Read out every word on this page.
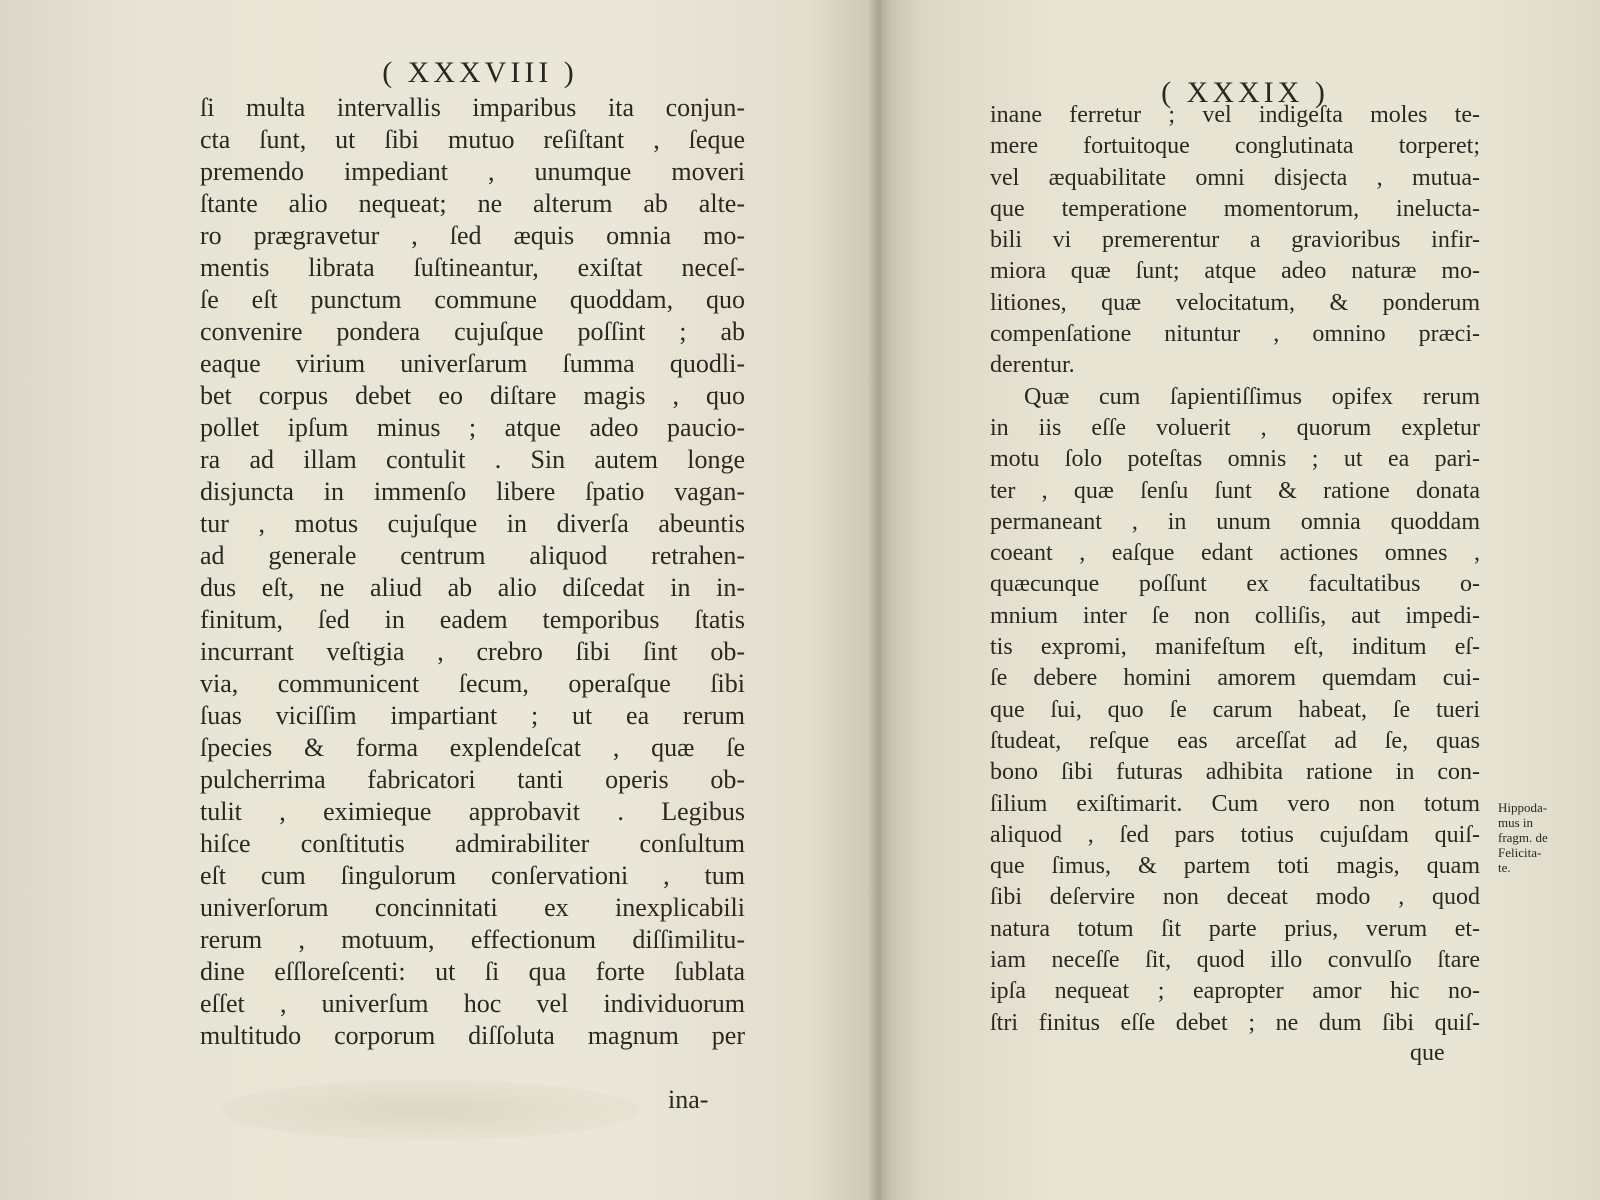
( XXXVIII )
( XXXIX )
ſi multa intervallis imparibus ita conjun-
cta ſunt, ut ſibi mutuo reſiſtant , ſeque
premendo impediant , unumque moveri
ſtante alio nequeat; ne alterum ab alte-
ro prægravetur , ſed æquis omnia mo-
mentis librata ſuſtineantur, exiſtat neceſ-
ſe eſt punctum commune quoddam, quo
convenire pondera cujuſque poſſint ; ab
eaque virium univerſarum ſumma quodli-
bet corpus debet eo diſtare magis , quo
pollet ipſum minus ; atque adeo paucio-
ra ad illam contulit . Sin autem longe
disjuncta in immenſo libere ſpatio vagan-
tur , motus cujuſque in diverſa abeuntis
ad generale centrum aliquod retrahen-
dus eſt, ne aliud ab alio diſcedat in in-
finitum, ſed in eadem temporibus ſtatis
incurrant veſtigia , crebro ſibi ſint ob-
via, communicent ſecum, operaſque ſibi
ſuas viciſſim impartiant ; ut ea rerum
ſpecies & forma explendeſcat , quæ ſe
pulcherrima fabricatori tanti operis ob-
tulit , eximieque approbavit . Legibus
hiſce conſtitutis admirabiliter conſultum
eſt cum ſingulorum conſervationi , tum
univerſorum concinnitati ex inexplicabili
rerum , motuum, effectionum diſſimilitu-
dine eſſloreſcenti: ut ſi qua forte ſublata
eſſet , univerſum hoc vel individuorum
multitudo corporum diſſoluta magnum per
ina-
inane ferretur ; vel indigeſta moles te-
mere fortuitoque conglutinata torperet;
vel æquabilitate omni disjecta , mutua-
que temperatione momentorum, inelucta-
bili vi premerentur a gravioribus infir-
miora quæ ſunt; atque adeo naturæ mo-
litiones, quæ velocitatum, & ponderum
compenſatione nituntur , omnino præci-
derentur.
Quæ cum ſapientiſſimus opifex rerum
in iis eſſe voluerit , quorum expletur
motu ſolo poteſtas omnis ; ut ea pari-
ter , quæ ſenſu ſunt & ratione donata
permaneant , in unum omnia quoddam
coeant , eaſque edant actiones omnes ,
quæcunque poſſunt ex facultatibus o-
mnium inter ſe non colliſis, aut impedi-
tis expromi, manifeſtum eſt, inditum eſ-
ſe debere homini amorem quemdam cui-
que ſui, quo ſe carum habeat, ſe tueri
ſtudeat, reſque eas arceſſat ad ſe, quas
bono ſibi futuras adhibita ratione in con-
ſilium exiſtimarit. Cum vero non totum
aliquod , ſed pars totius cujuſdam quiſ-
que ſimus, & partem toti magis, quam
ſibi deſervire non deceat modo , quod
natura totum ſit parte prius, verum et-
iam neceſſe ſit, quod illo convulſo ſtare
ipſa nequeat ; eapropter amor hic no-
ſtri finitus eſſe debet ; ne dum ſibi quiſ-
que
Hippoda-
mus in
fragm. de
Felicita-
te.
